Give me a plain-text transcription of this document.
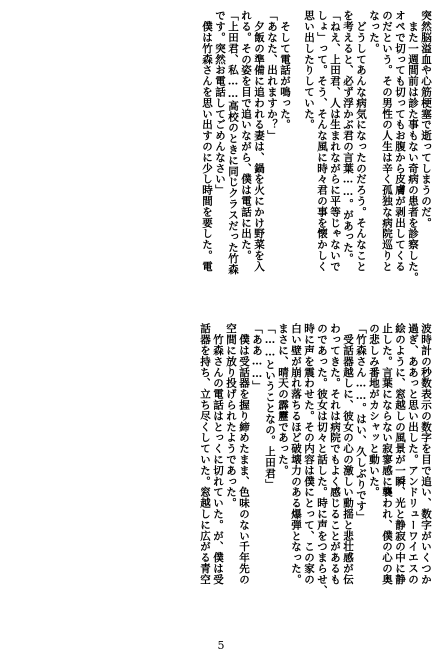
突然脳溢血や心筋梗塞で逝ってしまうのだ。
　また一週間前は診た事もない奇病の患者を診察した。
オペで切っても切ってもお腹から皮膚が剥出してくる
のだという。その男性の人生は辛く孤独な病院巡りと
なった。
　どうしてあんな病気になったのだろう。そんなこと
を考えると、必ず浮かぶ君の言葉……。があった。
「ねえ、上田君、人は生まれながらに平等じゃないで
しょ」って。そう、そんな風に時々君の事を懐かしく
思い出したりしていた。
　そして電話が鳴った。
「あなた、出れますか？」
　夕飯の準備に追われる妻は、鍋を火にかけ野菜を入
れる。その姿を目で追いながら、僕は電話に出た。
「上田君、私……高校のときに同じクラスだった竹森
です。突然お電話してごめんなさい」
　僕は竹森さんを思い出すのに少し時間を要した。電
波時計の秒数表示の数字を目で追い、数字がいくつか
過ぎ、ああっと思い出した。アンドリューワイエスの
絵のように、窓越しの風景が一瞬、光と静寂の中に静
止した。言葉にならない寂寥感に襲われ、僕の心の奥
の悲しみ番地がカシャッと動いた。
「竹森さん……。はい、久しぶりです」
　受話器越しに、彼女の心の激しい動揺と悲壮感が伝
わってきた。それは病院でもよく感じることがあるも
のであった。彼女は切々と話した。時に声をつまらせ、
時に声を震わせた。その内容は僕にとって、この家の
白い壁が崩れ落ちるほど破壊力のある爆弾となった。
まさに、晴天の霹靂であった。
「……ということなの。上田君」
「ああ……」
　僕は受話器を握り締めたまま、色味のない千年先の
空間に放り投げられたようであった。
　竹森さんの電話はとっくに切れていた。が、僕は受
話器を持ち、立ち尽くしていた。窓越しに広がる青空
5
